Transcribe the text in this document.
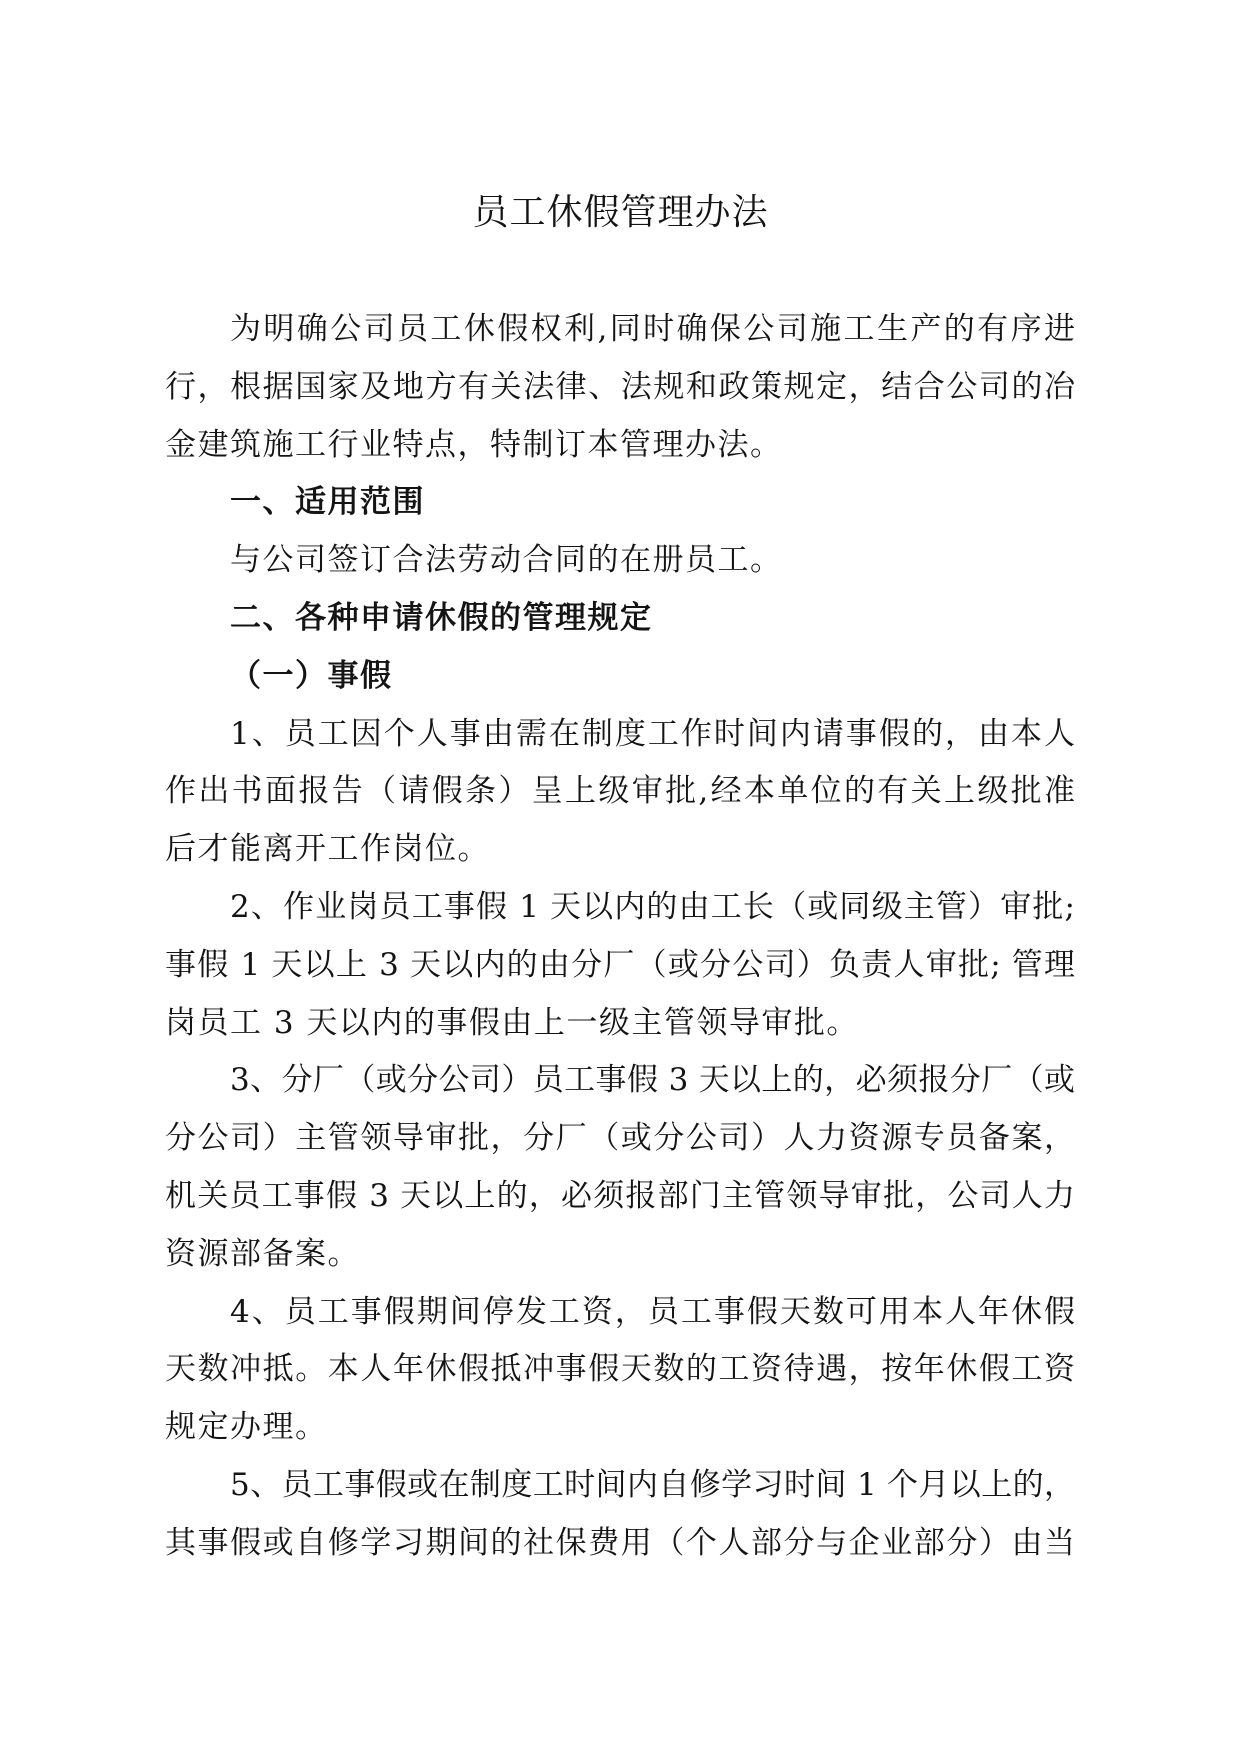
员工休假管理办法
为明确公司员工休假权利,同时确保公司施工生产的有序进
行，根据国家及地方有关法律、法规和政策规定，结合公司的冶
金建筑施工行业特点，特制订本管理办法。
一、适用范围
与公司签订合法劳动合同的在册员工。
二、各种申请休假的管理规定
（一）事假
1、员工因个人事由需在制度工作时间内请事假的，由本人
作出书面报告（请假条）呈上级审批,经本单位的有关上级批准
后才能离开工作岗位。
2、作业岗员工事假 1 天以内的由工长（或同级主管）审批;
事假 1 天以上 3 天以内的由分厂（或分公司）负责人审批; 管理
岗员工 3 天以内的事假由上一级主管领导审批。
3、分厂（或分公司）员工事假 3 天以上的，必须报分厂（或
分公司）主管领导审批，分厂（或分公司）人力资源专员备案，
机关员工事假 3 天以上的，必须报部门主管领导审批，公司人力
资源部备案。
4、员工事假期间停发工资，员工事假天数可用本人年休假
天数冲抵。本人年休假抵冲事假天数的工资待遇，按年休假工资
规定办理。
5、员工事假或在制度工时间内自修学习时间 1 个月以上的，
其事假或自修学习期间的社保费用（个人部分与企业部分）由当
